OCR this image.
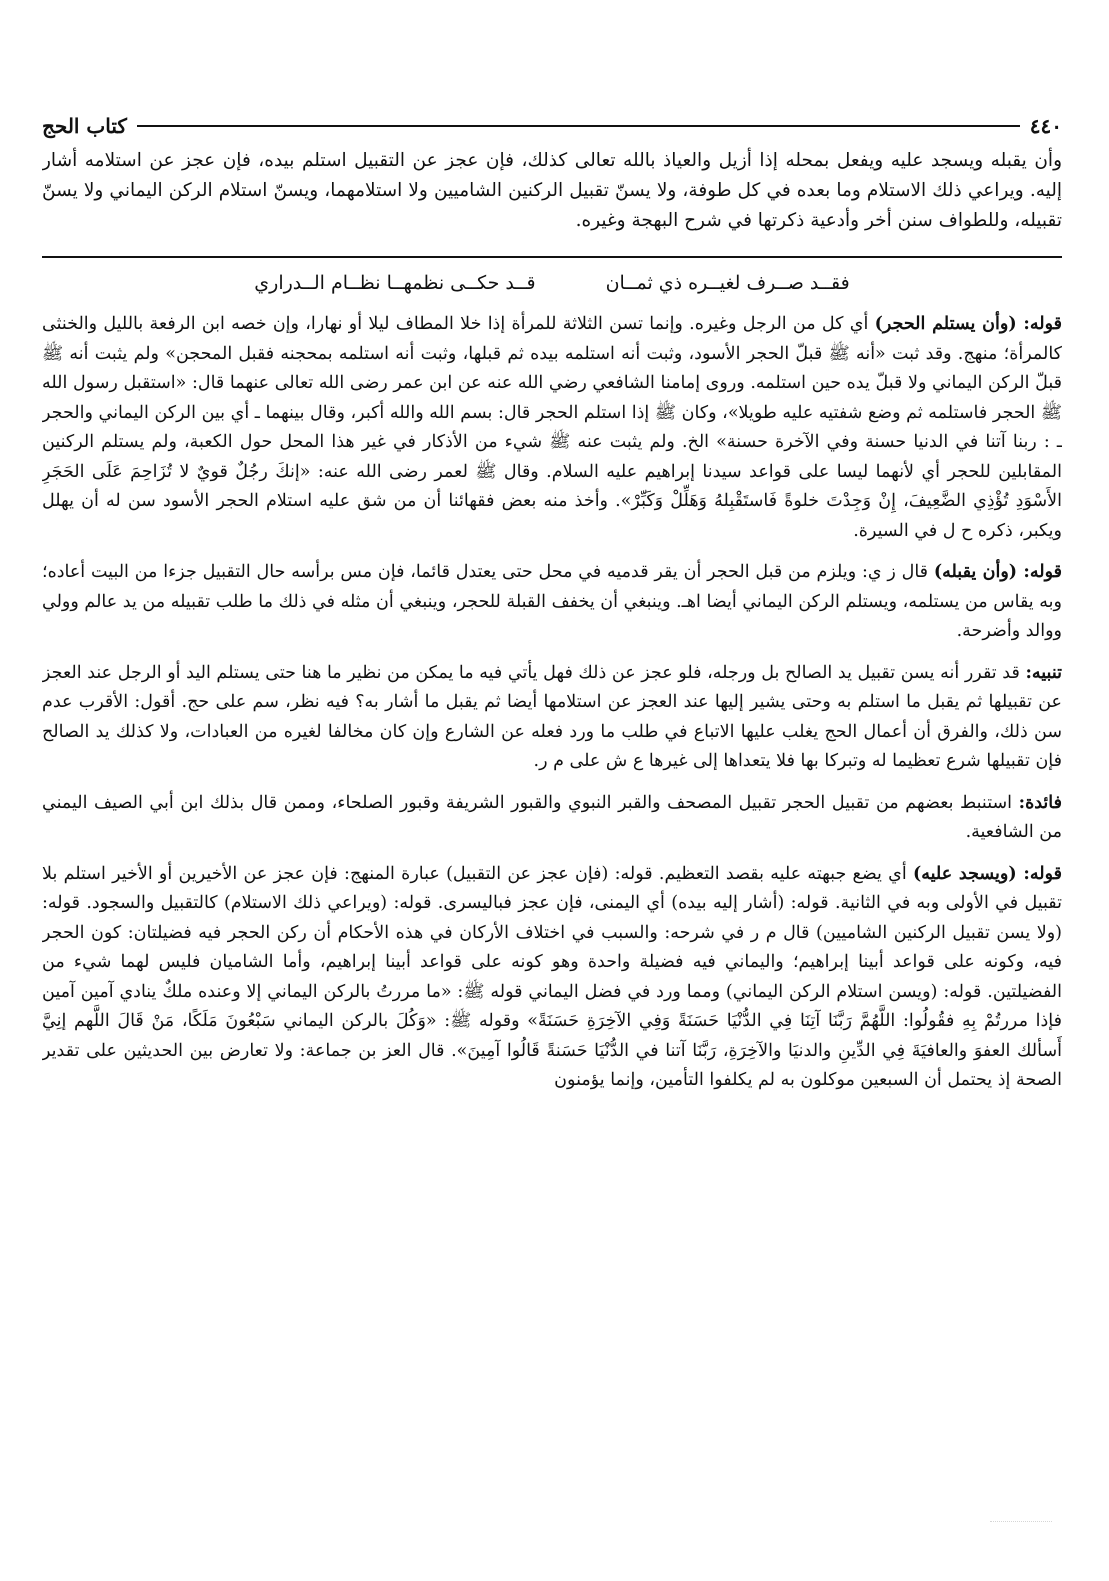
٤٤٠
كتاب الحج

وأن يقبله ويسجد عليه ويفعل بمحله إذا أزيل والعياذ بالله تعالى كذلك، فإن عجز عن التقبيل استلم بيده، فإن عجز عن استلامه أشار إليه. ويراعي ذلك الاستلام وما بعده في كل طوفة، ولا يسنّ تقبيل الركنين الشاميين ولا استلامهما، ويسنّ استلام الركن اليماني ولا يسنّ تقبيله، وللطواف سنن أخر وأدعية ذكرتها في شرح البهجة وغيره.

فقــد صــرف لغيــره ذي ثمــان
قــد حكــى نظمهــا نظــام الــدراري

قوله: (وأن يستلم الحجر) أي كل من الرجل وغيره. وإنما تسن الثلاثة للمرأة إذا خلا المطاف ليلا أو نهارا، وإن خصه ابن الرفعة بالليل والخنثى كالمرأة؛ منهج. وقد ثبت «أنه ﷺ قبلّ الحجر الأسود، وثبت أنه استلمه بيده ثم قبلها، وثبت أنه استلمه بمحجنه فقبل المحجن» ولم يثبت أنه ﷺ قبلّ الركن اليماني ولا قبلّ يده حين استلمه. وروى إمامنا الشافعي رضي الله عنه عن ابن عمر رضى الله تعالى عنهما قال: «استقبل رسول الله ﷺ الحجر فاستلمه ثم وضع شفتيه عليه طويلا»، وكان ﷺ إذا استلم الحجر قال: بسم الله والله أكبر، وقال بينهما ـ أي بين الركن اليماني والحجر ـ : ربنا آتنا في الدنيا حسنة وفي الآخرة حسنة» الخ. ولم يثبت عنه ﷺ شيء من الأذكار في غير هذا المحل حول الكعبة، ولم يستلم الركنين المقابلين للحجر أي لأنهما ليسا على قواعد سيدنا إبراهيم عليه السلام. وقال ﷺ لعمر رضى الله عنه: «إنكَ رجُلٌ قويٌ لا تُزَاحِمَ عَلَى الحَجَرِ الأَسْوَدِ تُؤْذِي الضَّعِيفَ، إِنْ وَجِدْتَ خلوةً فَاستَقْبِلهُ وَهَلِّلْ وَكَبِّرْ». وأخذ منه بعض فقهائنا أن من شق عليه استلام الحجر الأسود سن له أن يهلل ويكبر، ذكره ح ل في السيرة.

قوله: (وأن يقبله) قال ز ي: ويلزم من قبل الحجر أن يقر قدميه في محل حتى يعتدل قائما، فإن مس برأسه حال التقبيل جزءا من البيت أعاده؛ وبه يقاس من يستلمه، ويستلم الركن اليماني أيضا اهـ. وينبغي أن يخفف القبلة للحجر، وينبغي أن مثله في ذلك ما طلب تقبيله من يد عالم وولي ووالد وأضرحة.

تنبيه: قد تقرر أنه يسن تقبيل يد الصالح بل ورجله، فلو عجز عن ذلك فهل يأتي فيه ما يمكن من نظير ما هنا حتى يستلم اليد أو الرجل عند العجز عن تقبيلها ثم يقبل ما استلم به وحتى يشير إليها عند العجز عن استلامها أيضا ثم يقبل ما أشار به؟ فيه نظر، سم على حج. أقول: الأقرب عدم سن ذلك، والفرق أن أعمال الحج يغلب عليها الاتباع في طلب ما ورد فعله عن الشارع وإن كان مخالفا لغيره من العبادات، ولا كذلك يد الصالح فإن تقبيلها شرع تعظيما له وتبركا بها فلا يتعداها إلى غيرها ع ش على م ر.

فائدة: استنبط بعضهم من تقبيل الحجر تقبيل المصحف والقبر النبوي والقبور الشريفة وقبور الصلحاء، وممن قال بذلك ابن أبي الصيف اليمني من الشافعية.

قوله: (ويسجد عليه) أي يضع جبهته عليه بقصد التعظيم. قوله: (فإن عجز عن التقبيل) عبارة المنهج: فإن عجز عن الأخيرين أو الأخير استلم بلا تقبيل في الأولى وبه في الثانية. قوله: (أشار إليه بيده) أي اليمنى، فإن عجز فباليسرى. قوله: (ويراعي ذلك الاستلام) كالتقبيل والسجود. قوله: (ولا يسن تقبيل الركنين الشاميين) قال م ر في شرحه: والسبب في اختلاف الأركان في هذه الأحكام أن ركن الحجر فيه فضيلتان: كون الحجر فيه، وكونه على قواعد أبينا إبراهيم؛ واليماني فيه فضيلة واحدة وهو كونه على قواعد أبينا إبراهيم، وأما الشاميان فليس لهما شيء من الفضيلتين. قوله: (ويسن استلام الركن اليماني) ومما ورد في فضل اليماني قوله ﷺ: «ما مررتُ بالركن اليماني إلا وعنده ملكٌ ينادي آمين آمين فإذا مررتُمْ بِهِ فقُولُوا: اللَّهُمَّ رَبَّنَا آتِنَا فِي الدُّنْيَا حَسَنَةً وَفِي الآخِرَةِ حَسَنَةً» وقوله ﷺ: «وَكُلَ بالركن اليماني سَبْعُونَ مَلَكًا، مَنْ قَالَ اللَّهم إنِيَّ أَسألك العفوَ والعافيَةَ فِي الدِّينِ والدنيَا والآخِرَةِ، رَبَّنَا آتنا في الدُّنْيَا حَسَنةً قَالُوا آمِينَ». قال العز بن جماعة: ولا تعارض بين الحديثين على تقدير الصحة إذ يحتمل أن السبعين موكلون به لم يكلفوا التأمين، وإنما يؤمنون
